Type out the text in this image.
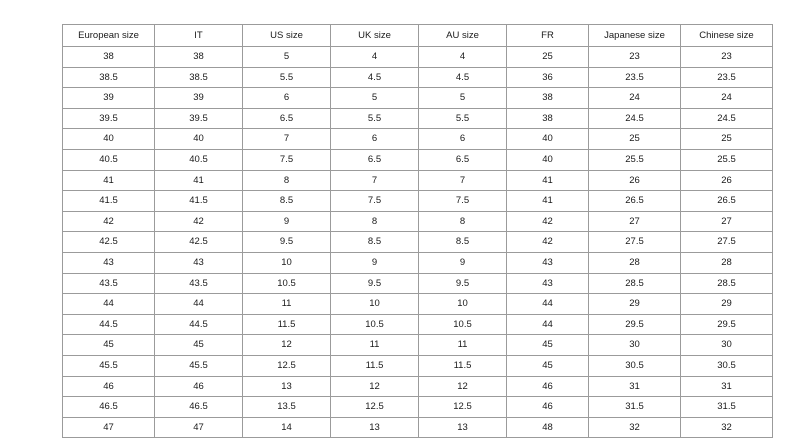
European size	IT	US size	UK size	AU size	FR	Japanese size	Chinese size
38	38	5	4	4	25	23	23
38.5	38.5	5.5	4.5	4.5	36	23.5	23.5
39	39	6	5	5	38	24	24
39.5	39.5	6.5	5.5	5.5	38	24.5	24.5
40	40	7	6	6	40	25	25
40.5	40.5	7.5	6.5	6.5	40	25.5	25.5
41	41	8	7	7	41	26	26
41.5	41.5	8.5	7.5	7.5	41	26.5	26.5
42	42	9	8	8	42	27	27
42.5	42.5	9.5	8.5	8.5	42	27.5	27.5
43	43	10	9	9	43	28	28
43.5	43.5	10.5	9.5	9.5	43	28.5	28.5
44	44	11	10	10	44	29	29
44.5	44.5	11.5	10.5	10.5	44	29.5	29.5
45	45	12	11	11	45	30	30
45.5	45.5	12.5	11.5	11.5	45	30.5	30.5
46	46	13	12	12	46	31	31
46.5	46.5	13.5	12.5	12.5	46	31.5	31.5
47	47	14	13	13	48	32	32
